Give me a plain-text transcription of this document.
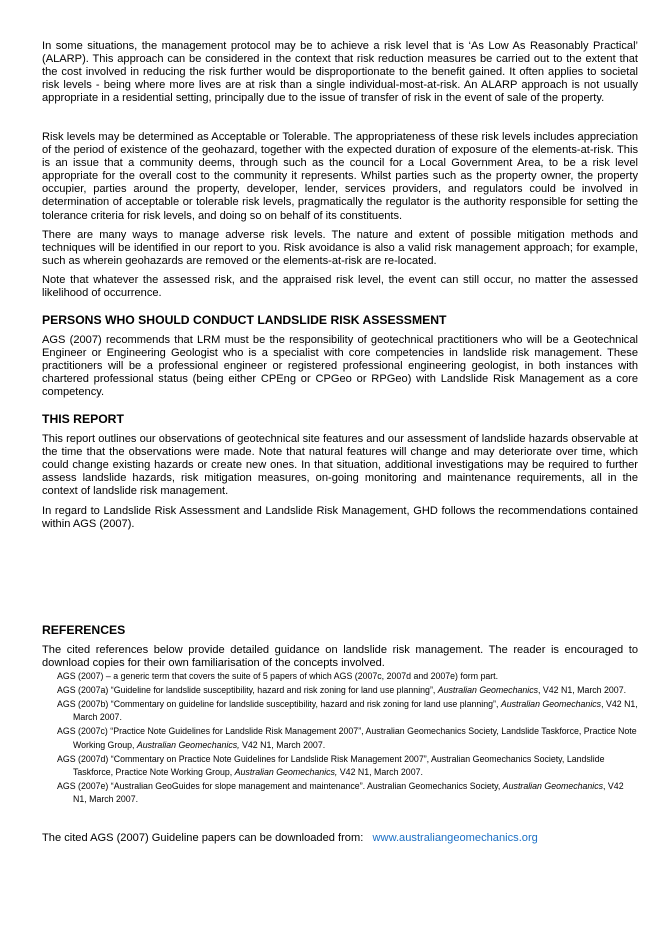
In some situations, the management protocol may be to achieve a risk level that is ‘As Low As Reasonably Practical’ (ALARP). This approach can be considered in the context that risk reduction measures be carried out to the extent that the cost involved in reducing the risk further would be disproportionate to the benefit gained. It often applies to societal risk levels - being where more lives are at risk than a single individual-most-at-risk. An ALARP approach is not usually appropriate in a residential setting, principally due to the issue of transfer of risk in the event of sale of the property.

Risk levels may be determined as Acceptable or Tolerable. The appropriateness of these risk levels includes appreciation of the period of existence of the geohazard, together with the expected duration of exposure of the elements-at-risk. This is an issue that a community deems, through such as the council for a Local Government Area, to be a risk level appropriate for the overall cost to the community it represents. Whilst parties such as the property owner, the property occupier, parties around the property, developer, lender, services providers, and regulators could be involved in determination of acceptable or tolerable risk levels, pragmatically the regulator is the authority responsible for setting the tolerance criteria for risk levels, and doing so on behalf of its constituents.

There are many ways to manage adverse risk levels. The nature and extent of possible mitigation methods and techniques will be identified in our report to you. Risk avoidance is also a valid risk management approach; for example, such as wherein geohazards are removed or the elements-at-risk are re-located.

Note that whatever the assessed risk, and the appraised risk level, the event can still occur, no matter the assessed likelihood of occurrence.

PERSONS WHO SHOULD CONDUCT LANDSLIDE RISK ASSESSMENT

AGS (2007) recommends that LRM must be the responsibility of geotechnical practitioners who will be a Geotechnical Engineer or Engineering Geologist who is a specialist with core competencies in landslide risk management. These practitioners will be a professional engineer or registered professional engineering geologist, in both instances with chartered professional status (being either CPEng or CPGeo or RPGeo) with Landslide Risk Management as a core competency.

THIS REPORT

This report outlines our observations of geotechnical site features and our assessment of landslide hazards observable at the time that the observations were made. Note that natural features will change and may deteriorate over time, which could change existing hazards or create new ones. In that situation, additional investigations may be required to further assess landslide hazards, risk mitigation measures, on-going monitoring and maintenance requirements, all in the context of landslide risk management.

In regard to Landslide Risk Assessment and Landslide Risk Management, GHD follows the recommendations contained within AGS (2007).

REFERENCES

The cited references below provide detailed guidance on landslide risk management. The reader is encouraged to download copies for their own familiarisation of the concepts involved.

AGS (2007) – a generic term that covers the suite of 5 papers of which AGS (2007c, 2007d and 2007e) form part.

AGS (2007a) “Guideline for landslide susceptibility, hazard and risk zoning for land use planning”, Australian Geomechanics, V42 N1, March 2007.

AGS (2007b) “Commentary on guideline for landslide susceptibility, hazard and risk zoning for land use planning”, Australian Geomechanics, V42 N1, March 2007.

AGS (2007c) “Practice Note Guidelines for Landslide Risk Management 2007”, Australian Geomechanics Society, Landslide Taskforce, Practice Note Working Group, Australian Geomechanics, V42 N1, March 2007.

AGS (2007d) “Commentary on Practice Note Guidelines for Landslide Risk Management 2007”, Australian Geomechanics Society, Landslide Taskforce, Practice Note Working Group, Australian Geomechanics, V42 N1, March 2007.

AGS (2007e) “Australian GeoGuides for slope management and maintenance”. Australian Geomechanics Society, Australian Geomechanics, V42 N1, March 2007.

The cited AGS (2007) Guideline papers can be downloaded from: www.australiangeomechanics.org
